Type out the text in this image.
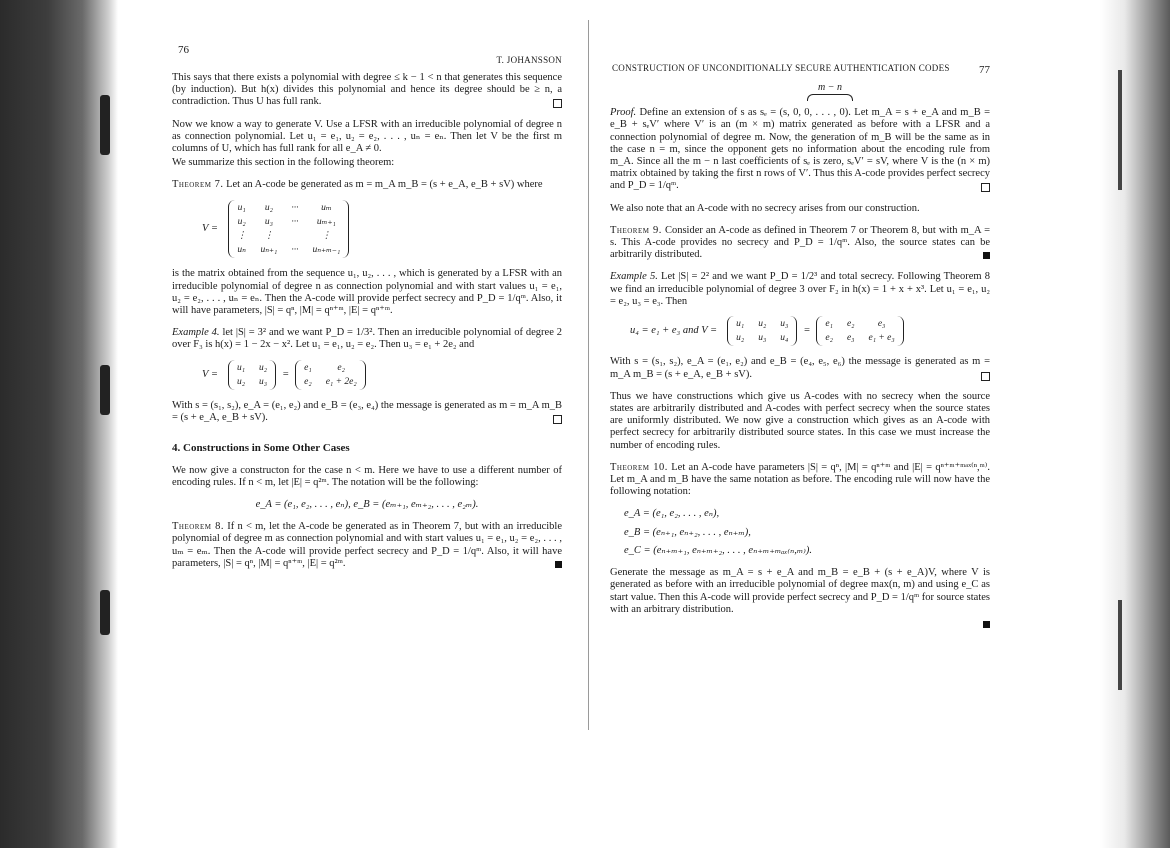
76
T. JOHANSSON

This says that there exists a polynomial with degree ≤ k − 1 < n that generates this sequence (by induction). But h(x) divides this polynomial and hence its degree should be ≥ n, a contradiction. Thus U has full rank.

Now we know a way to generate V. Use a LFSR with an irreducible polynomial of degree n as connection polynomial. Let u₁ = e₁, u₂ = e₂, . . . , uₙ = eₙ. Then let V be the first m columns of U, which has full rank for all e_A ≠ 0.

We summarize this section in the following theorem:

Theorem 7. Let an A-code be generated as m = m_A m_B = (s + e_A, e_B + sV) where

V =
u₁	u₂	···	uₘ
u₂	u₃	···	uₘ₊₁
⋮	⋮	⋮
uₙ uₙ₊₁ ··· uₙ₊ₘ₋₁

is the matrix obtained from the sequence u₁, u₂, . . . , which is generated by a LFSR with an irreducible polynomial of degree n as connection polynomial and with start values u₁ = e₁, u₂ = e₂, . . . , uₙ = eₙ. Then the A-code will provide perfect secrecy and P_D = 1/qᵐ. Also, it will have parameters, |S| = qⁿ, |M| = qⁿ⁺ᵐ, |E| = qⁿ⁺ᵐ.

Example 4. let |S| = 3² and we want P_D = 1/3². Then an irreducible polynomial of degree 2 over F₃ is h(x) = 1 − 2x − x². Let u₁ = e₁, u₂ = e₂. Then u₃ = e₁ + 2e₂ and

V =
u₁ u₂
u₂ u₃
=
e₁	e₂
e₂ e₁ + 2e₂

With s = (s₁, s₂), e_A = (e₁, e₂) and e_B = (e₃, e₄) the message is generated as m = m_A m_B = (s + e_A, e_B + sV).

4. Constructions in Some Other Cases

We now give a constructon for the case n < m. Here we have to use a different number of encoding rules. If n < m, let |E| = q²ᵐ. The notation will be the following:

e_A = (e₁, e₂, . . . , eₙ), e_B = (eₘ₊₁, eₘ₊₂, . . . , e₂ₘ).

Theorem 8. If n < m, let the A-code be generated as in Theorem 7, but with an irreducible polynomial of degree m as connection polynomial and with start values u₁ = e₁, u₂ = e₂, . . . , uₘ = eₘ. Then the A-code will provide perfect secrecy and P_D = 1/qᵐ. Also, it will have parameters, |S| = qⁿ, |M| = qⁿ⁺ᵐ, |E| = q²ᵐ.

CONSTRUCTION OF UNCONDITIONALLY SECURE AUTHENTICATION CODES	77
m − n

Proof. Define an extension of s as sₑ = (s, 0, 0, . . . , 0). Let m_A = s + e_A and m_B = e_B + sₑV′ where V′ is an (m × m) matrix generated as before with a LFSR and a connection polynomial of degree m. Now, the generation of m_B will be the same as in the case n = m, since the opponent gets no information about the encoding rule from m_A. Since all the m − n last coefficients of sₑ is zero, sₑV′ = sV, where V is the (n × m) matrix obtained by taking the first n rows of V′. Thus this A-code provides perfect secrecy and P_D = 1/qᵐ.

We also note that an A-code with no secrecy arises from our construction.

Theorem 9. Consider an A-code as defined in Theorem 7 or Theorem 8, but with m_A = s. This A-code provides no secrecy and P_D = 1/qᵐ. Also, the source states can be arbitrarily distributed.

Example 5. Let |S| = 2² and we want P_D = 1/2³ and total secrecy. Following Theorem 8 we find an irreducible polynomial of degree 3 over F₂ in h(x) = 1 + x + x³. Let u₁ = e₁, u₂ = e₂, u₃ = e₃. Then

u₄ = e₁ + e₃ and V =
u₁ u₂ u₃
u₂ u₃ u₄
=
e₁ e₂	e₃
e₂ e₃ e₁ + e₃

With s = (s₁, s₂), e_A = (e₁, e₂) and e_B = (e₄, e₅, e₆) the message is generated as m = m_A m_B = (s + e_A, e_B + sV).

Thus we have constructions which give us A-codes with no secrecy when the source states are arbitrarily distributed and A-codes with perfect secrecy when the source states are uniformly distributed. We now give a construction which gives as an A-code with perfect secrecy for arbitrarily distributed source states. In this case we must increase the number of encoding rules.

Theorem 10. Let an A-code have parameters |S| = qⁿ, |M| = qⁿ⁺ᵐ and |E| = qⁿ⁺ᵐ⁺ᵐᵃˣ⁽ⁿ,ᵐ⁾. Let m_A and m_B have the same notation as before. The encoding rule will now have the following notation:

e_A = (e₁, e₂, . . . , eₙ),
e_B = (eₙ₊₁, eₙ₊₂, . . . , eₙ₊ₘ),
e_C = (eₙ₊ₘ₊₁, eₙ₊ₘ₊₂, . . . , eₙ₊ₘ₊ₘₐₓ₍ₙ,ₘ₎).

Generate the message as m_A = s + e_A and m_B = e_B + (s + e_A)V, where V is generated as before with an irreducible polynomial of degree max(n, m) and using e_C as start value. Then this A-code will provide perfect secrecy and P_D = 1/qᵐ for source states with an arbitrary distribution.
